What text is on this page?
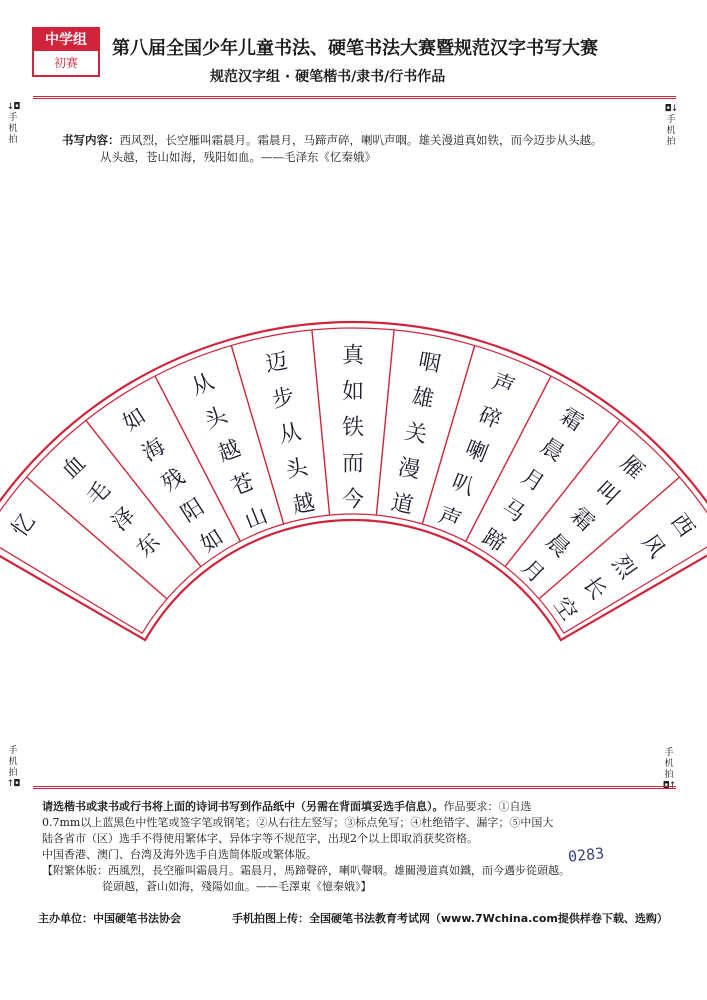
中学组
初赛
第八届全国少年儿童书法、硬笔书法大赛暨规范汉字书写大赛
规范汉字组 · 硬笔楷书/隶书/行书作品
↓◘
手机拍
◘↓
手机拍
手机拍
↑◘
手机拍
◘↑
书写内容：西风烈，长空雁叫霜晨月。霜晨月，马蹄声碎，喇叭声咽。雄关漫道真如铁，而今迈步从头越。
从头越，苍山如海，残阳如血。——毛泽东《忆秦娥》
西
风
烈
长
空
雁
叫
霜
晨
月
霜
晨
月
马
蹄
声
碎
喇
叭
声
咽
雄
关
漫
道
真
如
铁
而
今
迈
步
从
头
越
从
头
越
苍
山
如
海
残
阳
如
血
毛
泽
东
忆

请选楷书或隶书或行书将上面的诗词书写到作品纸中（另需在背面填妥选手信息）。作品要求：①自选

0.7mm以上蓝黑色中性笔或签字笔或钢笔；②从右往左竖写；③标点免写；④杜绝错字、漏字；⑤中国大

陆各省市（区）选手不得使用繁体字、异体字等不规范字，出现2个以上即取消获奖资格。

中国香港、澳门、台湾及海外选手自选简体版或繁体版。

【附繁体版：西風烈，長空雁叫霜晨月。霜晨月，馬蹄聲碎，喇叭聲咽。雄關漫道真如鐵，而今邁步從頭越。

從頭越，蒼山如海，殘陽如血。——毛澤東《憶秦娥》】

0283
主办单位：中国硬笔书法协会	手机拍图上传：全国硬笔书法教育考试网（www.7Wchina.com提供样卷下载、选购）
